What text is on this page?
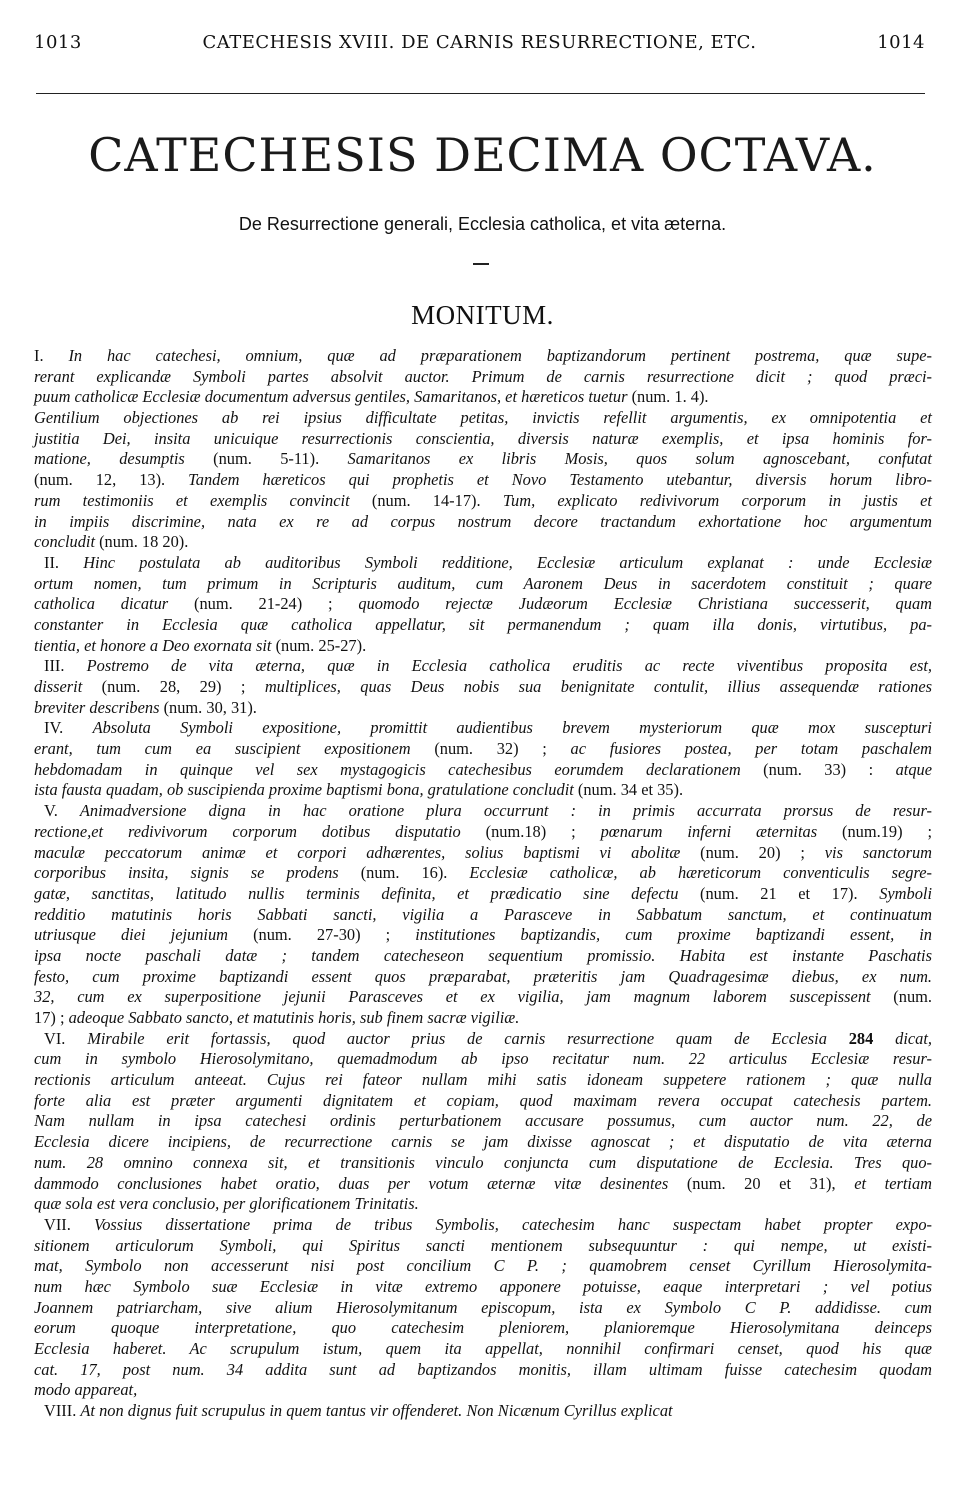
1013	CATECHESIS XVIII. DE CARNIS RESURRECTIONE, ETC.	1014
CATECHESIS DECIMA OCTAVA.
De Resurrectione generali, Ecclesia catholica, et vita æterna.
MONITUM.
I. In hac catechesi, omnium, quæ ad præparationem baptizandorum pertinent postrema, quæ supe-
rerant explicandæ Symboli partes absolvit auctor. Primum de carnis resurrectione dicit ; quod præci-
puum catholicæ Ecclesiæ documentum adversus gentiles, Samaritanos, et hæreticos tuetur (num. 1. 4).
Gentilium objectiones ab rei ipsius difficultate petitas, invictis refellit argumentis, ex omnipotentia et
justitia Dei, insita unicuique resurrectionis conscientia, diversis naturæ exemplis, et ipsa hominis for-
matione, desumptis (num. 5-11). Samaritanos ex libris Mosis, quos solum agnoscebant, confutat
(num. 12, 13). Tandem hæreticos qui prophetis et Novo Testamento utebantur, diversis horum libro-
rum testimoniis et exemplis convincit (num. 14-17). Tum, explicato redivivorum corporum in justis et
in impiis discrimine, nata ex re ad corpus nostrum decore tractandum exhortatione hoc argumentum
concludit (num. 18 20).
II. Hinc postulata ab auditoribus Symboli redditione, Ecclesiæ articulum explanat : unde Ecclesiæ
ortum nomen, tum primum in Scripturis auditum, cum Aaronem Deus in sacerdotem constituit ; quare
catholica dicatur (num. 21-24) ; quomodo rejectæ Judæorum Ecclesiæ Christiana successerit, quam
constanter in Ecclesia quæ catholica appellatur, sit permanendum ; quam illa donis, virtutibus, pa-
tientia, et honore a Deo exornata sit (num. 25-27).
III. Postremo de vita æterna, quæ in Ecclesia catholica eruditis ac recte viventibus proposita est,
disserit (num. 28, 29) ; multiplices, quas Deus nobis sua benignitate contulit, illius assequendæ rationes
breviter describens (num. 30, 31).
IV. Absoluta Symboli expositione, promittit audientibus brevem mysteriorum quæ mox suscepturi
erant, tum cum ea suscipient expositionem (num. 32) ; ac fusiores postea, per totam paschalem
hebdomadam in quinque vel sex mystagogicis catechesibus eorumdem declarationem (num. 33) : atque
ista fausta quadam, ob suscipienda proxime baptismi bona, gratulatione concludit (num. 34 et 35).
V. Animadversione digna in hac oratione plura occurrunt : in primis accurrata prorsus de resur-
rectione,et redivivorum corporum dotibus disputatio (num.18) ; pœnarum inferni æternitas (num.19) ;
maculæ peccatorum animæ et corpori adhærentes, solius baptismi vi abolitæ (num. 20) ; vis sanctorum
corporibus insita, signis se prodens (num. 16). Ecclesiæ catholicæ, ab hæreticorum conventiculis segre-
gatæ, sanctitas, latitudo nullis terminis definita, et prædicatio sine defectu (num. 21 et 17). Symboli
redditio matutinis horis Sabbati sancti, vigilia a Parasceve in Sabbatum sanctum, et continuatum
utriusque diei jejunium (num. 27-30) ; institutiones baptizandis, cum proxime baptizandi essent, in
ipsa nocte paschali datæ ; tandem catecheseon sequentium promissio. Habita est instante Paschatis
festo, cum proxime baptizandi essent quos præparabat, præteritis jam Quadragesimæ diebus, ex num.
32, cum ex superpositione jejunii Parasceves et ex vigilia, jam magnum laborem suscepissent (num.
17) ; adeoque Sabbato sancto, et matutinis horis, sub finem sacræ vigiliæ.
VI. Mirabile erit fortassis, quod auctor prius de carnis resurrectione quam de Ecclesia 284 dicat,
cum in symbolo Hierosolymitano, quemadmodum ab ipso recitatur num. 22 articulus Ecclesiæ resur-
rectionis articulum anteeat. Cujus rei fateor nullam mihi satis idoneam suppetere rationem ; quæ nulla
forte alia est præter argumenti dignitatem et copiam, quod maximam revera occupat catechesis partem.
Nam nullam in ipsa catechesi ordinis perturbationem accusare possumus, cum auctor num. 22, de
Ecclesia dicere incipiens, de recurrectione carnis se jam dixisse agnoscat ; et disputatio de vita æterna
num. 28 omnino connexa sit, et transitionis vinculo conjuncta cum disputatione de Ecclesia. Tres quo-
dammodo conclusiones habet oratio, duas per votum æternæ vitæ desinentes (num. 20 et 31), et tertiam
quæ sola est vera conclusio, per glorificationem Trinitatis.
VII. Vossius dissertatione prima de tribus Symbolis, catechesim hanc suspectam habet propter expo-
sitionem articulorum Symboli, qui Spiritus sancti mentionem subsequuntur : qui nempe, ut existi-
mat, Symbolo non accesserunt nisi post concilium C P. ; quamobrem censet Cyrillum Hierosolymita-
num hæc Symbolo suæ Ecclesiæ in vitæ extremo apponere potuisse, eaque interpretari ; vel potius
Joannem patriarcham, sive alium Hierosolymitanum episcopum, ista ex Symbolo C P. addidisse. cum
eorum quoque interpretatione, quo catechesim pleniorem, planioremque Hierosolymitana deinceps
Ecclesia haberet. Ac scrupulum istum, quem ita appellat, nonnihil confirmari censet, quod his quæ
cat. 17, post num. 34 addita sunt ad baptizandos monitis, illam ultimam fuisse catechesim quodam
modo appareat,
VIII. At non dignus fuit scrupulus in quem tantus vir offenderet. Non Nicænum Cyrillus explicat
